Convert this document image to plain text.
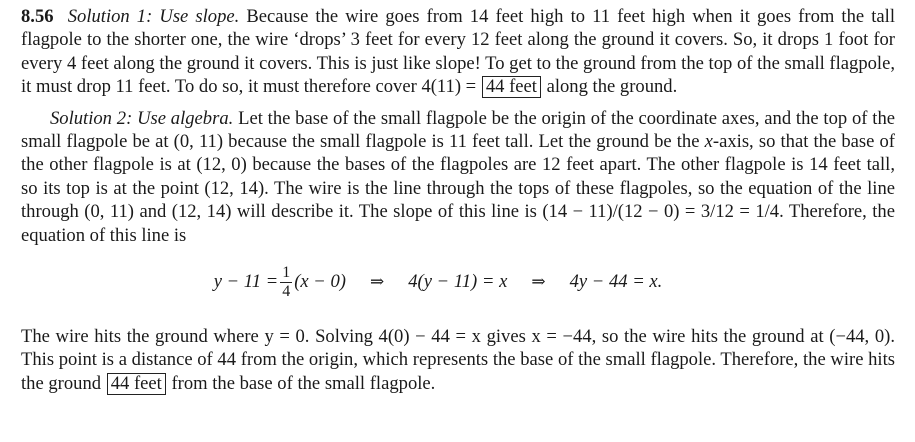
8.56 Solution 1: Use slope. Because the wire goes from 14 feet high to 11 feet high when it goes from the tall flagpole to the shorter one, the wire ‘drops’ 3 feet for every 12 feet along the ground it covers. So, it drops 1 foot for every 4 feet along the ground it covers. This is just like slope! To get to the ground from the top of the small flagpole, it must drop 11 feet. To do so, it must therefore cover 4(11) = 44 feet along the ground.

Solution 2: Use algebra. Let the base of the small flagpole be the origin of the coordinate axes, and the top of the small flagpole be at (0, 11) because the small flagpole is 11 feet tall. Let the ground be the x-axis, so that the base of the other flagpole is at (12, 0) because the bases of the flagpoles are 12 feet apart. The other flagpole is 14 feet tall, so its top is at the point (12, 14). The wire is the line through the tops of these flagpoles, so the equation of the line through (0, 11) and (12, 14) will describe it. The slope of this line is (14 − 11)/(12 − 0) = 3/12 = 1/4. Therefore, the equation of this line is

$y - 11 = \frac{1}{4} (x - 0)$ ⇒ 4(y − 11) = x ⇒ 4y − 44 = x.

The wire hits the ground where y = 0. Solving 4(0) − 44 = x gives x = −44, so the wire hits the ground at (−44, 0). This point is a distance of 44 from the origin, which represents the base of the small flagpole. Therefore, the wire hits the ground 44 feet from the base of the small flagpole.
